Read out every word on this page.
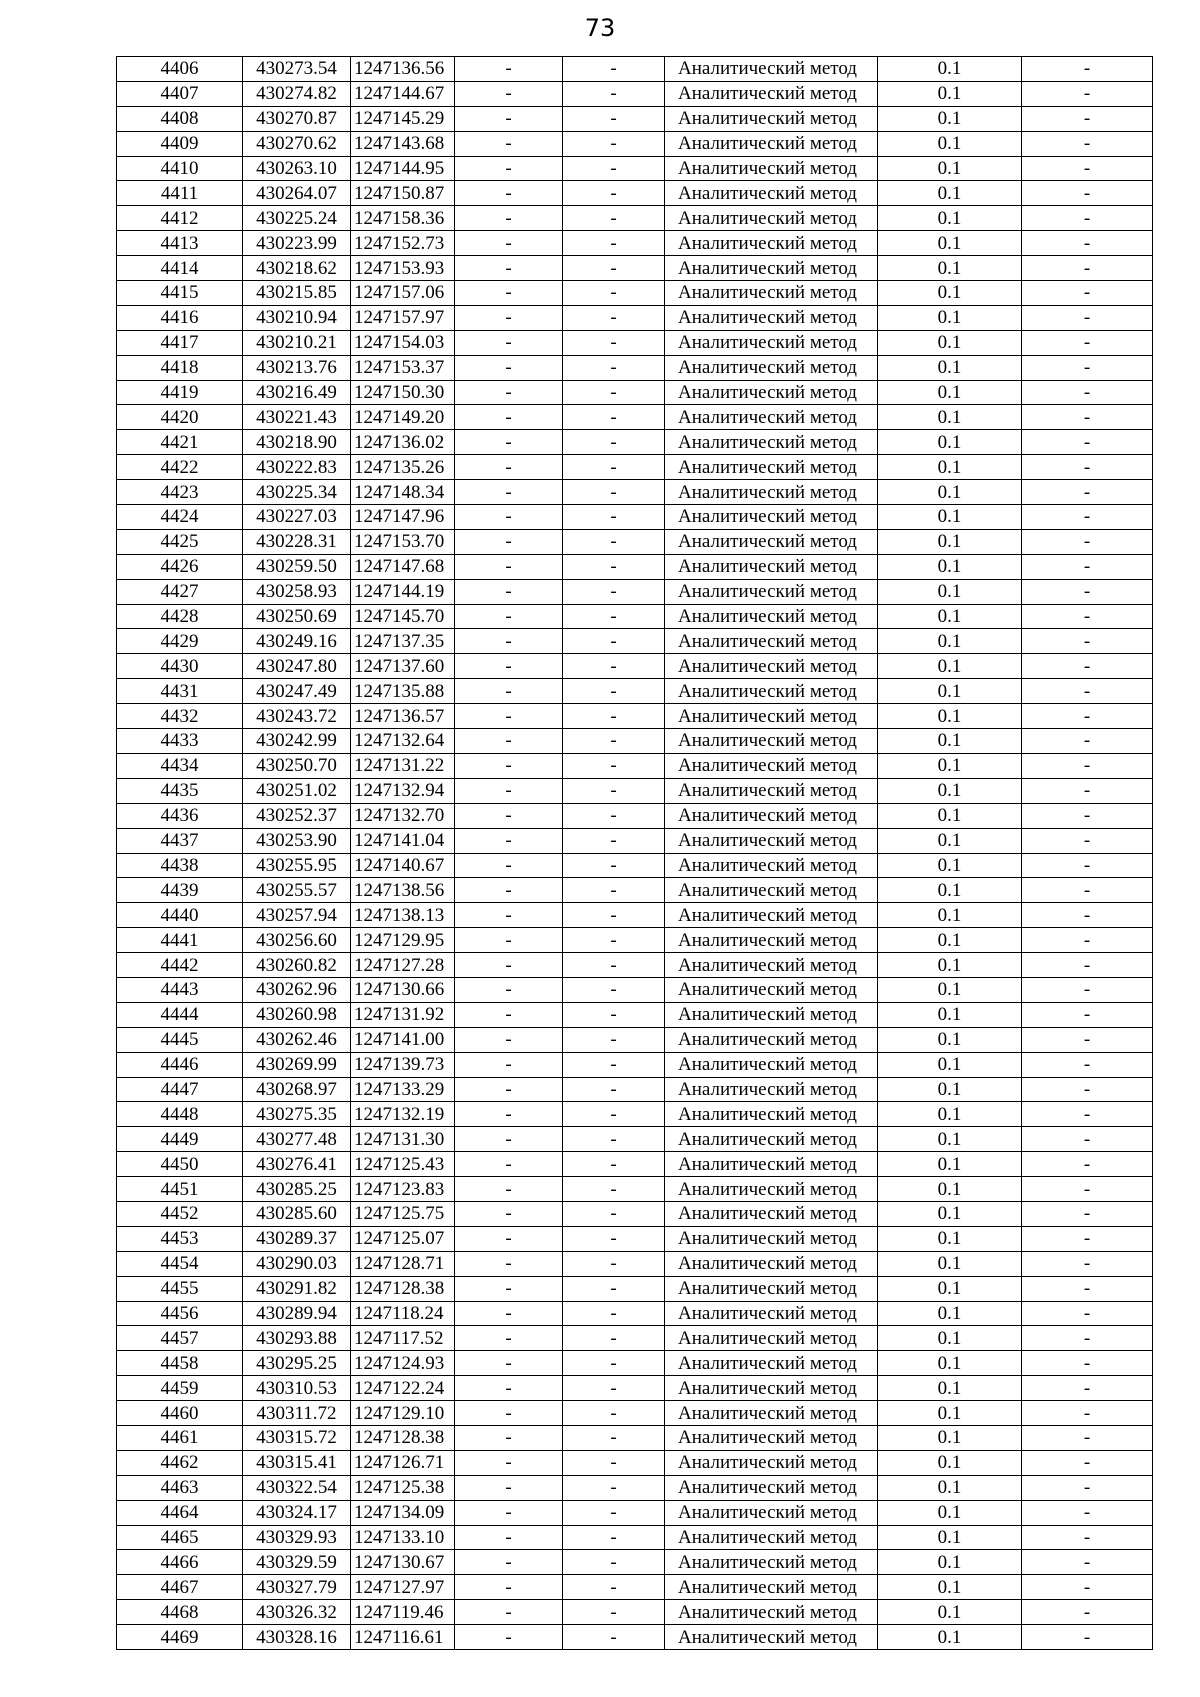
73
4406	430273.54	1247136.56	-	-	Аналитический метод	0.1	-
4407	430274.82	1247144.67	-	-	Аналитический метод	0.1	-
4408	430270.87	1247145.29	-	-	Аналитический метод	0.1	-
4409	430270.62	1247143.68	-	-	Аналитический метод	0.1	-
4410	430263.10	1247144.95	-	-	Аналитический метод	0.1	-
4411	430264.07	1247150.87	-	-	Аналитический метод	0.1	-
4412	430225.24	1247158.36	-	-	Аналитический метод	0.1	-
4413	430223.99	1247152.73	-	-	Аналитический метод	0.1	-
4414	430218.62	1247153.93	-	-	Аналитический метод	0.1	-
4415	430215.85	1247157.06	-	-	Аналитический метод	0.1	-
4416	430210.94	1247157.97	-	-	Аналитический метод	0.1	-
4417	430210.21	1247154.03	-	-	Аналитический метод	0.1	-
4418	430213.76	1247153.37	-	-	Аналитический метод	0.1	-
4419	430216.49	1247150.30	-	-	Аналитический метод	0.1	-
4420	430221.43	1247149.20	-	-	Аналитический метод	0.1	-
4421	430218.90	1247136.02	-	-	Аналитический метод	0.1	-
4422	430222.83	1247135.26	-	-	Аналитический метод	0.1	-
4423	430225.34	1247148.34	-	-	Аналитический метод	0.1	-
4424	430227.03	1247147.96	-	-	Аналитический метод	0.1	-
4425	430228.31	1247153.70	-	-	Аналитический метод	0.1	-
4426	430259.50	1247147.68	-	-	Аналитический метод	0.1	-
4427	430258.93	1247144.19	-	-	Аналитический метод	0.1	-
4428	430250.69	1247145.70	-	-	Аналитический метод	0.1	-
4429	430249.16	1247137.35	-	-	Аналитический метод	0.1	-
4430	430247.80	1247137.60	-	-	Аналитический метод	0.1	-
4431	430247.49	1247135.88	-	-	Аналитический метод	0.1	-
4432	430243.72	1247136.57	-	-	Аналитический метод	0.1	-
4433	430242.99	1247132.64	-	-	Аналитический метод	0.1	-
4434	430250.70	1247131.22	-	-	Аналитический метод	0.1	-
4435	430251.02	1247132.94	-	-	Аналитический метод	0.1	-
4436	430252.37	1247132.70	-	-	Аналитический метод	0.1	-
4437	430253.90	1247141.04	-	-	Аналитический метод	0.1	-
4438	430255.95	1247140.67	-	-	Аналитический метод	0.1	-
4439	430255.57	1247138.56	-	-	Аналитический метод	0.1	-
4440	430257.94	1247138.13	-	-	Аналитический метод	0.1	-
4441	430256.60	1247129.95	-	-	Аналитический метод	0.1	-
4442	430260.82	1247127.28	-	-	Аналитический метод	0.1	-
4443	430262.96	1247130.66	-	-	Аналитический метод	0.1	-
4444	430260.98	1247131.92	-	-	Аналитический метод	0.1	-
4445	430262.46	1247141.00	-	-	Аналитический метод	0.1	-
4446	430269.99	1247139.73	-	-	Аналитический метод	0.1	-
4447	430268.97	1247133.29	-	-	Аналитический метод	0.1	-
4448	430275.35	1247132.19	-	-	Аналитический метод	0.1	-
4449	430277.48	1247131.30	-	-	Аналитический метод	0.1	-
4450	430276.41	1247125.43	-	-	Аналитический метод	0.1	-
4451	430285.25	1247123.83	-	-	Аналитический метод	0.1	-
4452	430285.60	1247125.75	-	-	Аналитический метод	0.1	-
4453	430289.37	1247125.07	-	-	Аналитический метод	0.1	-
4454	430290.03	1247128.71	-	-	Аналитический метод	0.1	-
4455	430291.82	1247128.38	-	-	Аналитический метод	0.1	-
4456	430289.94	1247118.24	-	-	Аналитический метод	0.1	-
4457	430293.88	1247117.52	-	-	Аналитический метод	0.1	-
4458	430295.25	1247124.93	-	-	Аналитический метод	0.1	-
4459	430310.53	1247122.24	-	-	Аналитический метод	0.1	-
4460	430311.72	1247129.10	-	-	Аналитический метод	0.1	-
4461	430315.72	1247128.38	-	-	Аналитический метод	0.1	-
4462	430315.41	1247126.71	-	-	Аналитический метод	0.1	-
4463	430322.54	1247125.38	-	-	Аналитический метод	0.1	-
4464	430324.17	1247134.09	-	-	Аналитический метод	0.1	-
4465	430329.93	1247133.10	-	-	Аналитический метод	0.1	-
4466	430329.59	1247130.67	-	-	Аналитический метод	0.1	-
4467	430327.79	1247127.97	-	-	Аналитический метод	0.1	-
4468	430326.32	1247119.46	-	-	Аналитический метод	0.1	-
4469	430328.16	1247116.61	-	-	Аналитический метод	0.1	-
